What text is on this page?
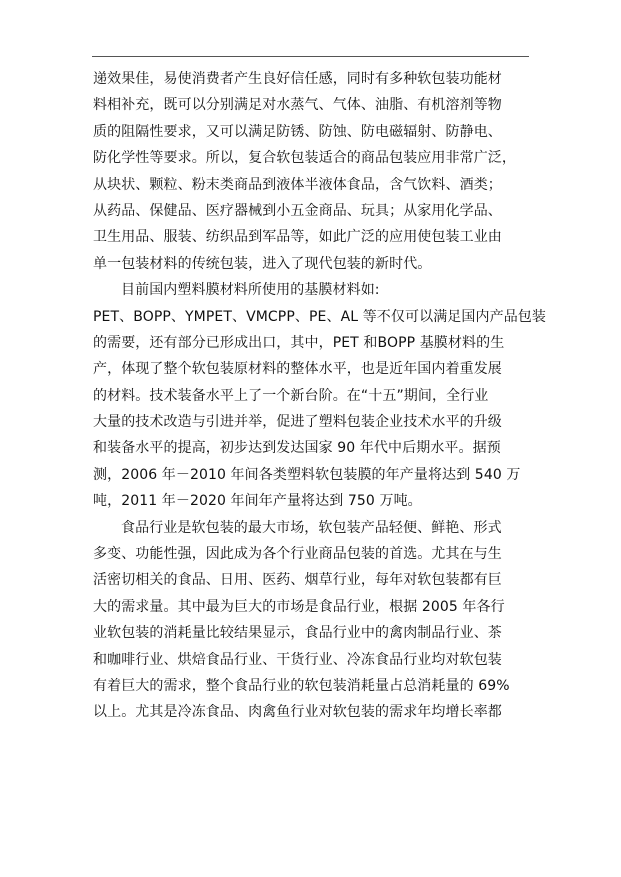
递效果佳，易使消费者产生良好信任感，同时有多种软包装功能材
料相补充，既可以分别满足对水蒸气、气体、油脂、有机溶剂等物
质的阻隔性要求，又可以满足防锈、防蚀、防电磁辐射、防静电、
防化学性等要求。所以，复合软包装适合的商品包装应用非常广泛，
从块状、颗粒、粉末类商品到液体半液体食品，含气饮料、酒类；
从药品、保健品、医疗器械到小五金商品、玩具；从家用化学品、
卫生用品、服装、纺织品到军品等，如此广泛的应用使包装工业由
单一包装材料的传统包装，进入了现代包装的新时代。
目前国内塑料膜材料所使用的基膜材料如:
PET、BOPP、YMPET、VMCPP、PE、AL 等不仅可以满足国内产品包装
的需要，还有部分已形成出口，其中，PET 和BOPP 基膜材料的生
产，体现了整个软包装原材料的整体水平，也是近年国内着重发展
的材料。技术装备水平上了一个新台阶。在“十五”期间，全行业
大量的技术改造与引进并举，促进了塑料包装企业技术水平的升级
和装备水平的提高，初步达到发达国家 90 年代中后期水平。据预
测，2006 年－2010 年间各类塑料软包装膜的年产量将达到 540 万
吨，2011 年－2020 年间年产量将达到 750 万吨。
食品行业是软包装的最大市场，软包装产品轻便、鲜艳、形式
多变、功能性强，因此成为各个行业商品包装的首选。尤其在与生
活密切相关的食品、日用、医药、烟草行业，每年对软包装都有巨
大的需求量。其中最为巨大的市场是食品行业，根据 2005 年各行
业软包装的消耗量比较结果显示，食品行业中的禽肉制品行业、茶
和咖啡行业、烘焙食品行业、干货行业、冷冻食品行业均对软包装
有着巨大的需求，整个食品行业的软包装消耗量占总消耗量的 69%
以上。尤其是冷冻食品、肉禽鱼行业对软包装的需求年均增长率都
